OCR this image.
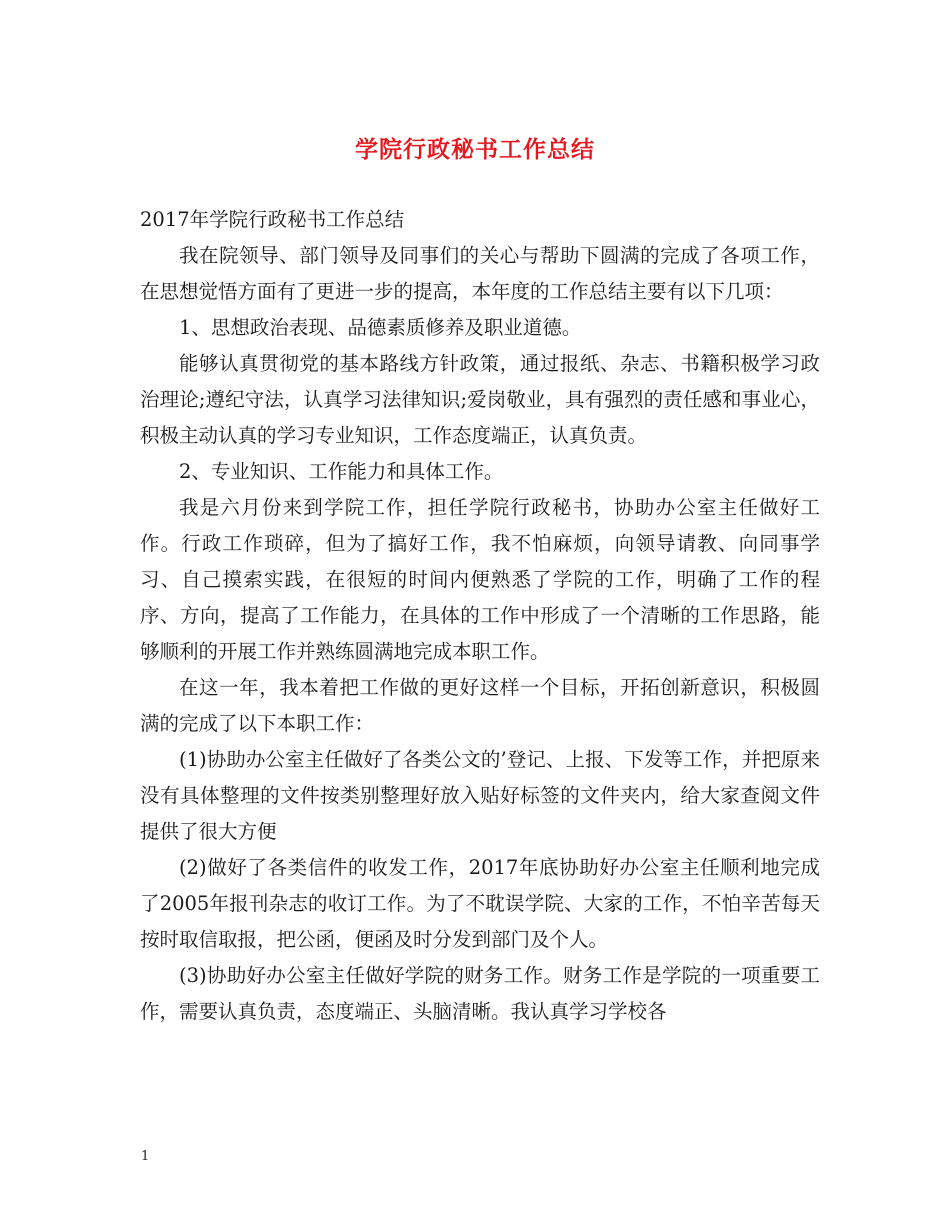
学院行政秘书工作总结

2017年学院行政秘书工作总结

我在院领导、部门领导及同事们的关心与帮助下圆满的完成了各项工作，在思想觉悟方面有了更进一步的提高，本年度的工作总结主要有以下几项：

1、思想政治表现、品德素质修养及职业道德。

能够认真贯彻党的基本路线方针政策，通过报纸、杂志、书籍积极学习政治理论;遵纪守法，认真学习法律知识;爱岗敬业，具有强烈的责任感和事业心，积极主动认真的学习专业知识，工作态度端正，认真负责。

2、专业知识、工作能力和具体工作。

我是六月份来到学院工作，担任学院行政秘书，协助办公室主任做好工作。行政工作琐碎，但为了搞好工作，我不怕麻烦，向领导请教、向同事学习、自己摸索实践，在很短的时间内便熟悉了学院的工作，明确了工作的程序、方向，提高了工作能力，在具体的工作中形成了一个清晰的工作思路，能够顺利的开展工作并熟练圆满地完成本职工作。

在这一年，我本着把工作做的更好这样一个目标，开拓创新意识，积极圆满的完成了以下本职工作：

(1)协助办公室主任做好了各类公文的’登记、上报、下发等工作，并把原来没有具体整理的文件按类别整理好放入贴好标签的文件夹内，给大家查阅文件提供了很大方便

(2)做好了各类信件的收发工作，2017年底协助好办公室主任顺利地完成了2005年报刊杂志的收订工作。为了不耽误学院、大家的工作，不怕辛苦每天按时取信取报，把公函，便函及时分发到部门及个人。

(3)协助好办公室主任做好学院的财务工作。财务工作是学院的一项重要工作，需要认真负责，态度端正、头脑清晰。我认真学习学校各

1
